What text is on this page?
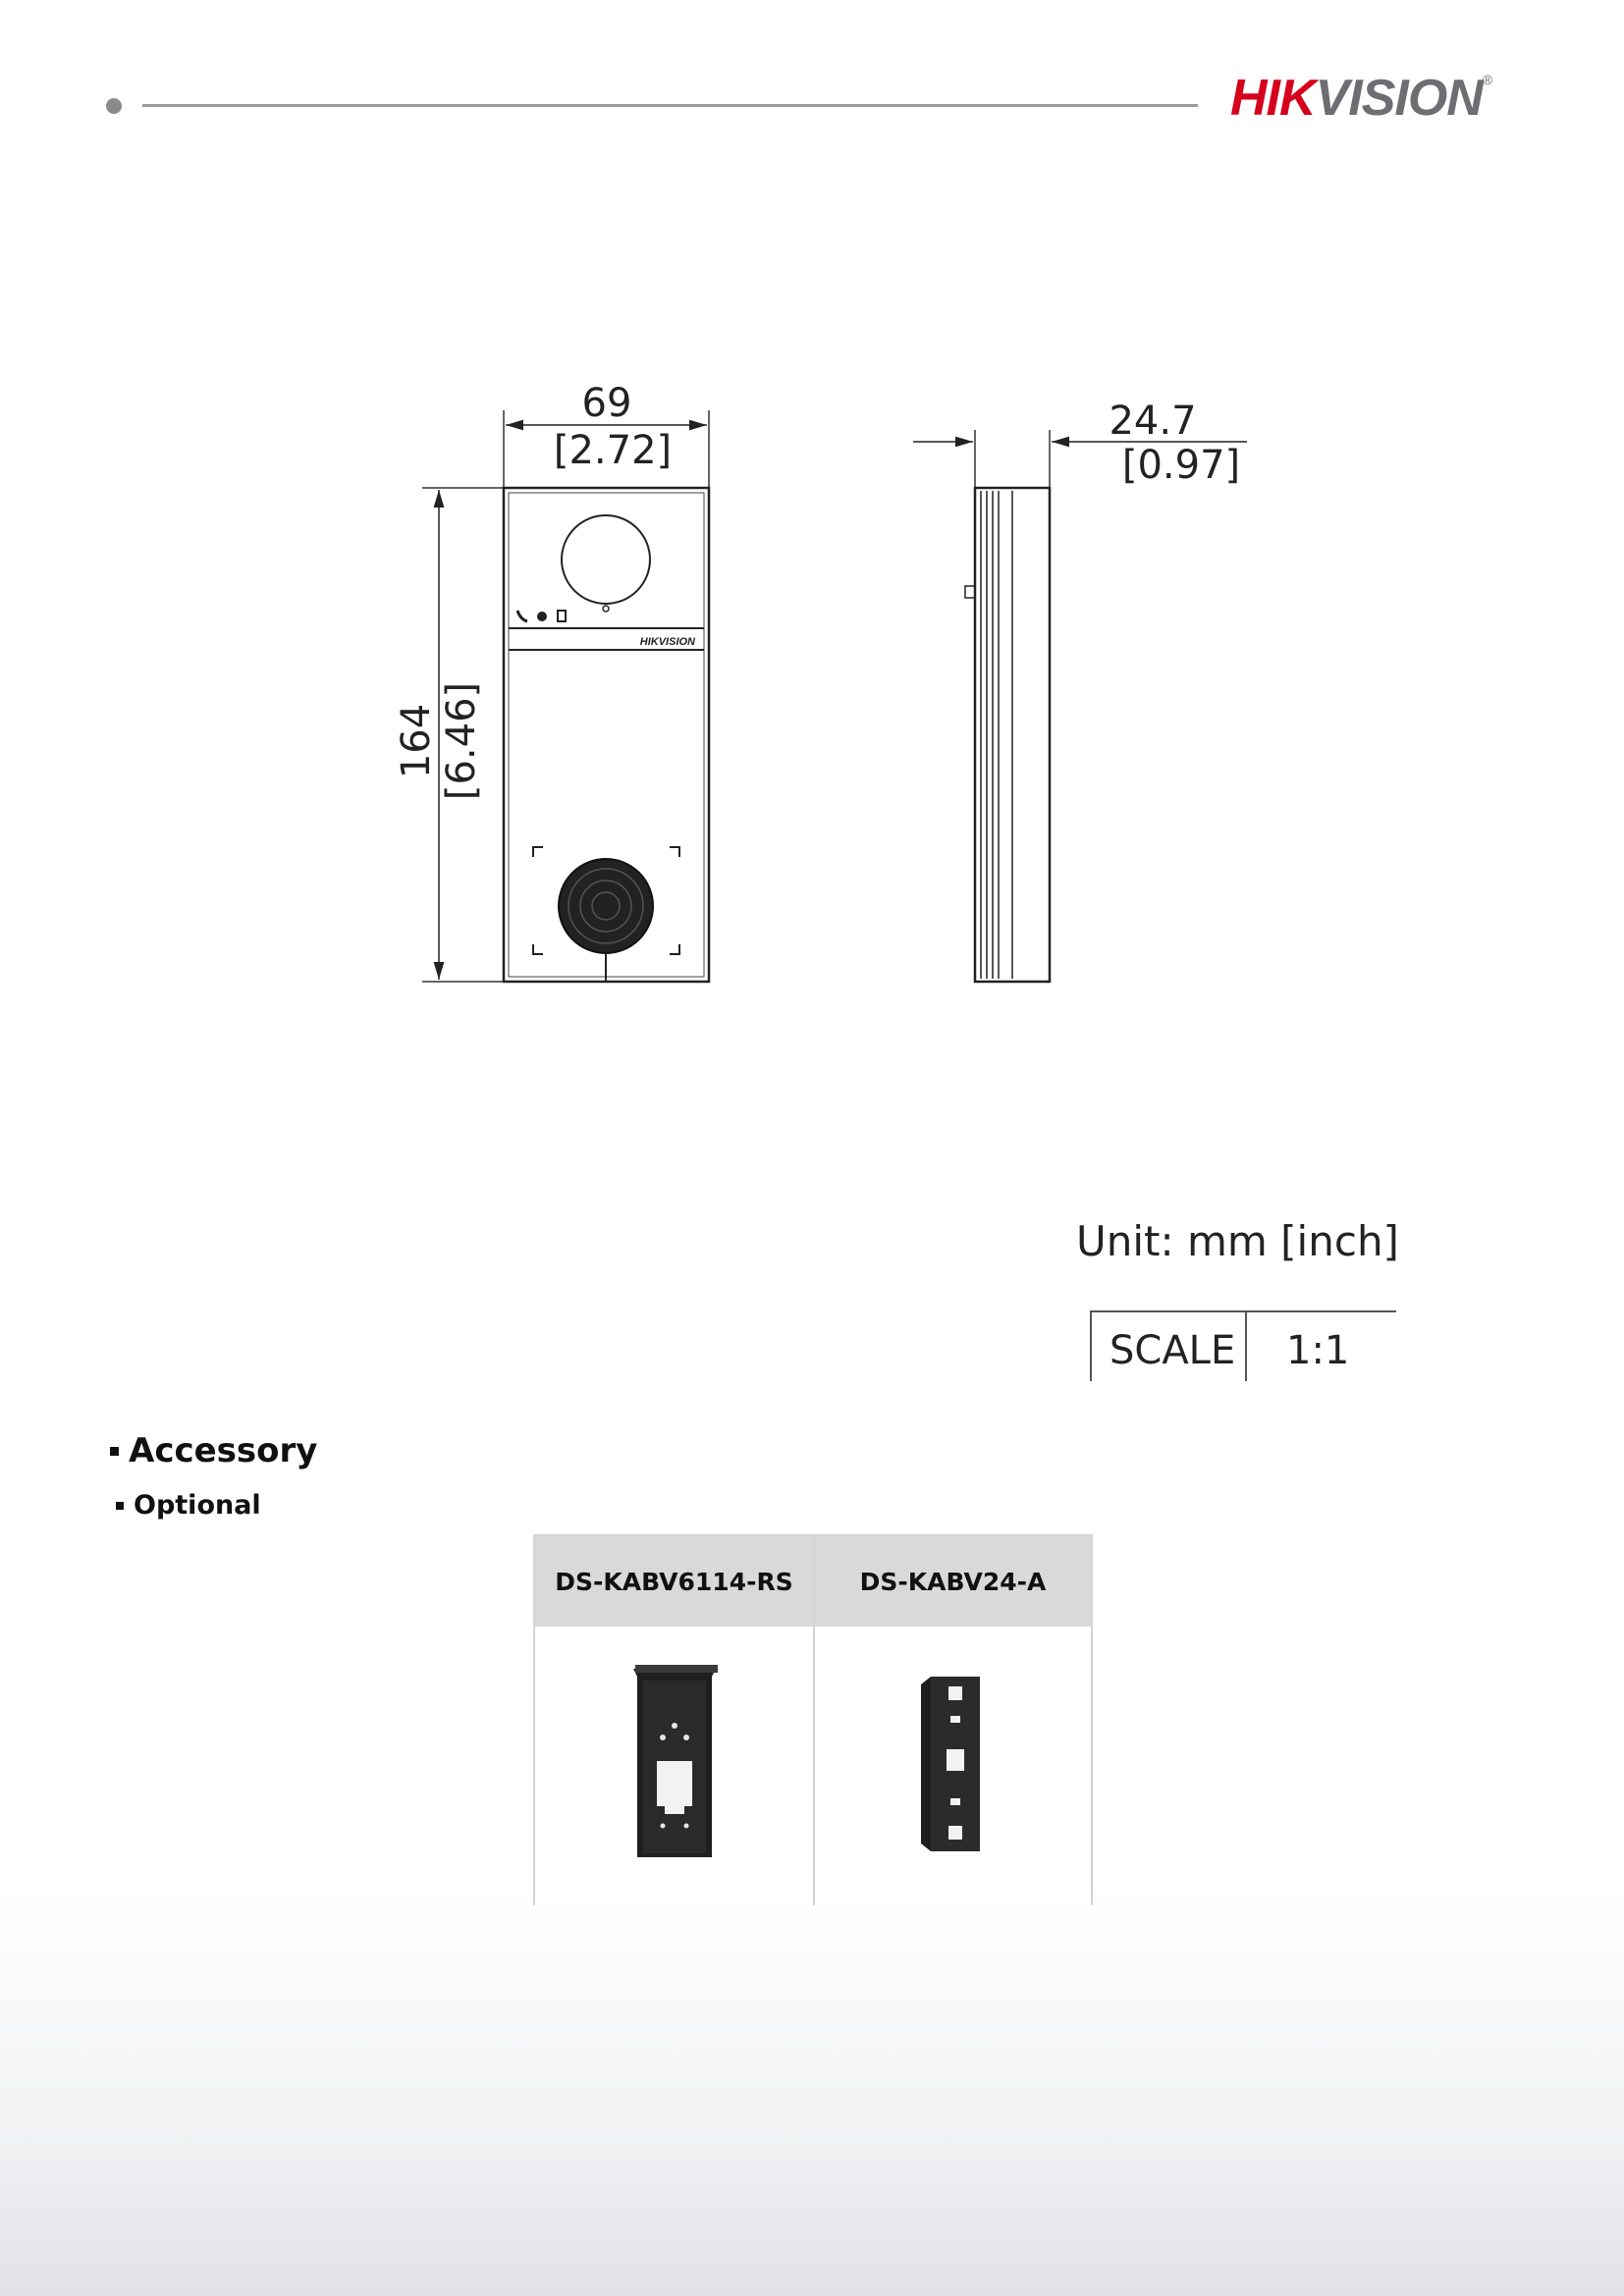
HIKVISION®
69
[2.72]
164 [6.46]
HIKVISION
24.7
[0.97]
Unit: mm [inch]
SCALE 1:1
Accessory
Optional
DS-KABV6114-RS	DS-KABV24-A
